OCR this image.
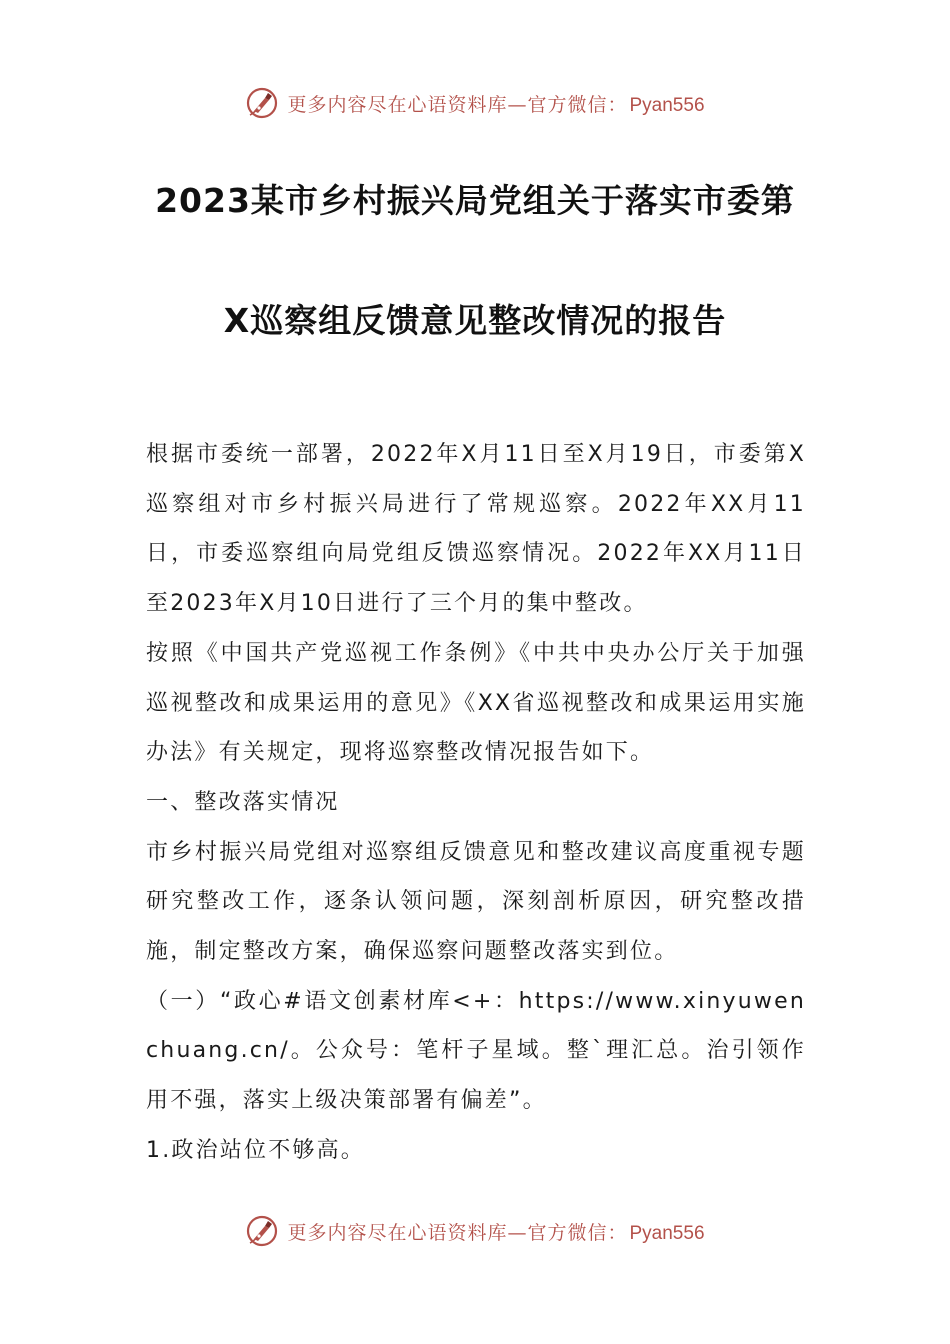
更多内容尽在心语资料库—官方微信： Pyan556
2023某市乡村振兴局党组关于落实市委第
X巡察组反馈意见整改情况的报告

根据市委统一部署，2022年X月11日至X月19日，市委第X巡察组对市乡村振兴局进行了常规巡察。2022年XX月11日，市委巡察组向局党组反馈巡察情况。2022年XX月11日至2023年X月10日进行了三个月的集中整改。

按照《中国共产党巡视工作条例》《中共中央办公厅关于加强巡视整改和成果运用的意见》《XX省巡视整改和成果运用实施办法》有关规定，现将巡察整改情况报告如下。

一、整改落实情况

市乡村振兴局党组对巡察组反馈意见和整改建议高度重视专题研究整改工作，逐条认领问题，深刻剖析原因，研究整改措施，制定整改方案，确保巡察问题整改落实到位。

（一）“政心#语文创素材库<+：https://www.xinyuwenchuang.cn/。公众号：笔杆子星域。整`理汇总。治引领作用不强，落实上级决策部署有偏差”。

1.政治站位不够高。

更多内容尽在心语资料库—官方微信： Pyan556
